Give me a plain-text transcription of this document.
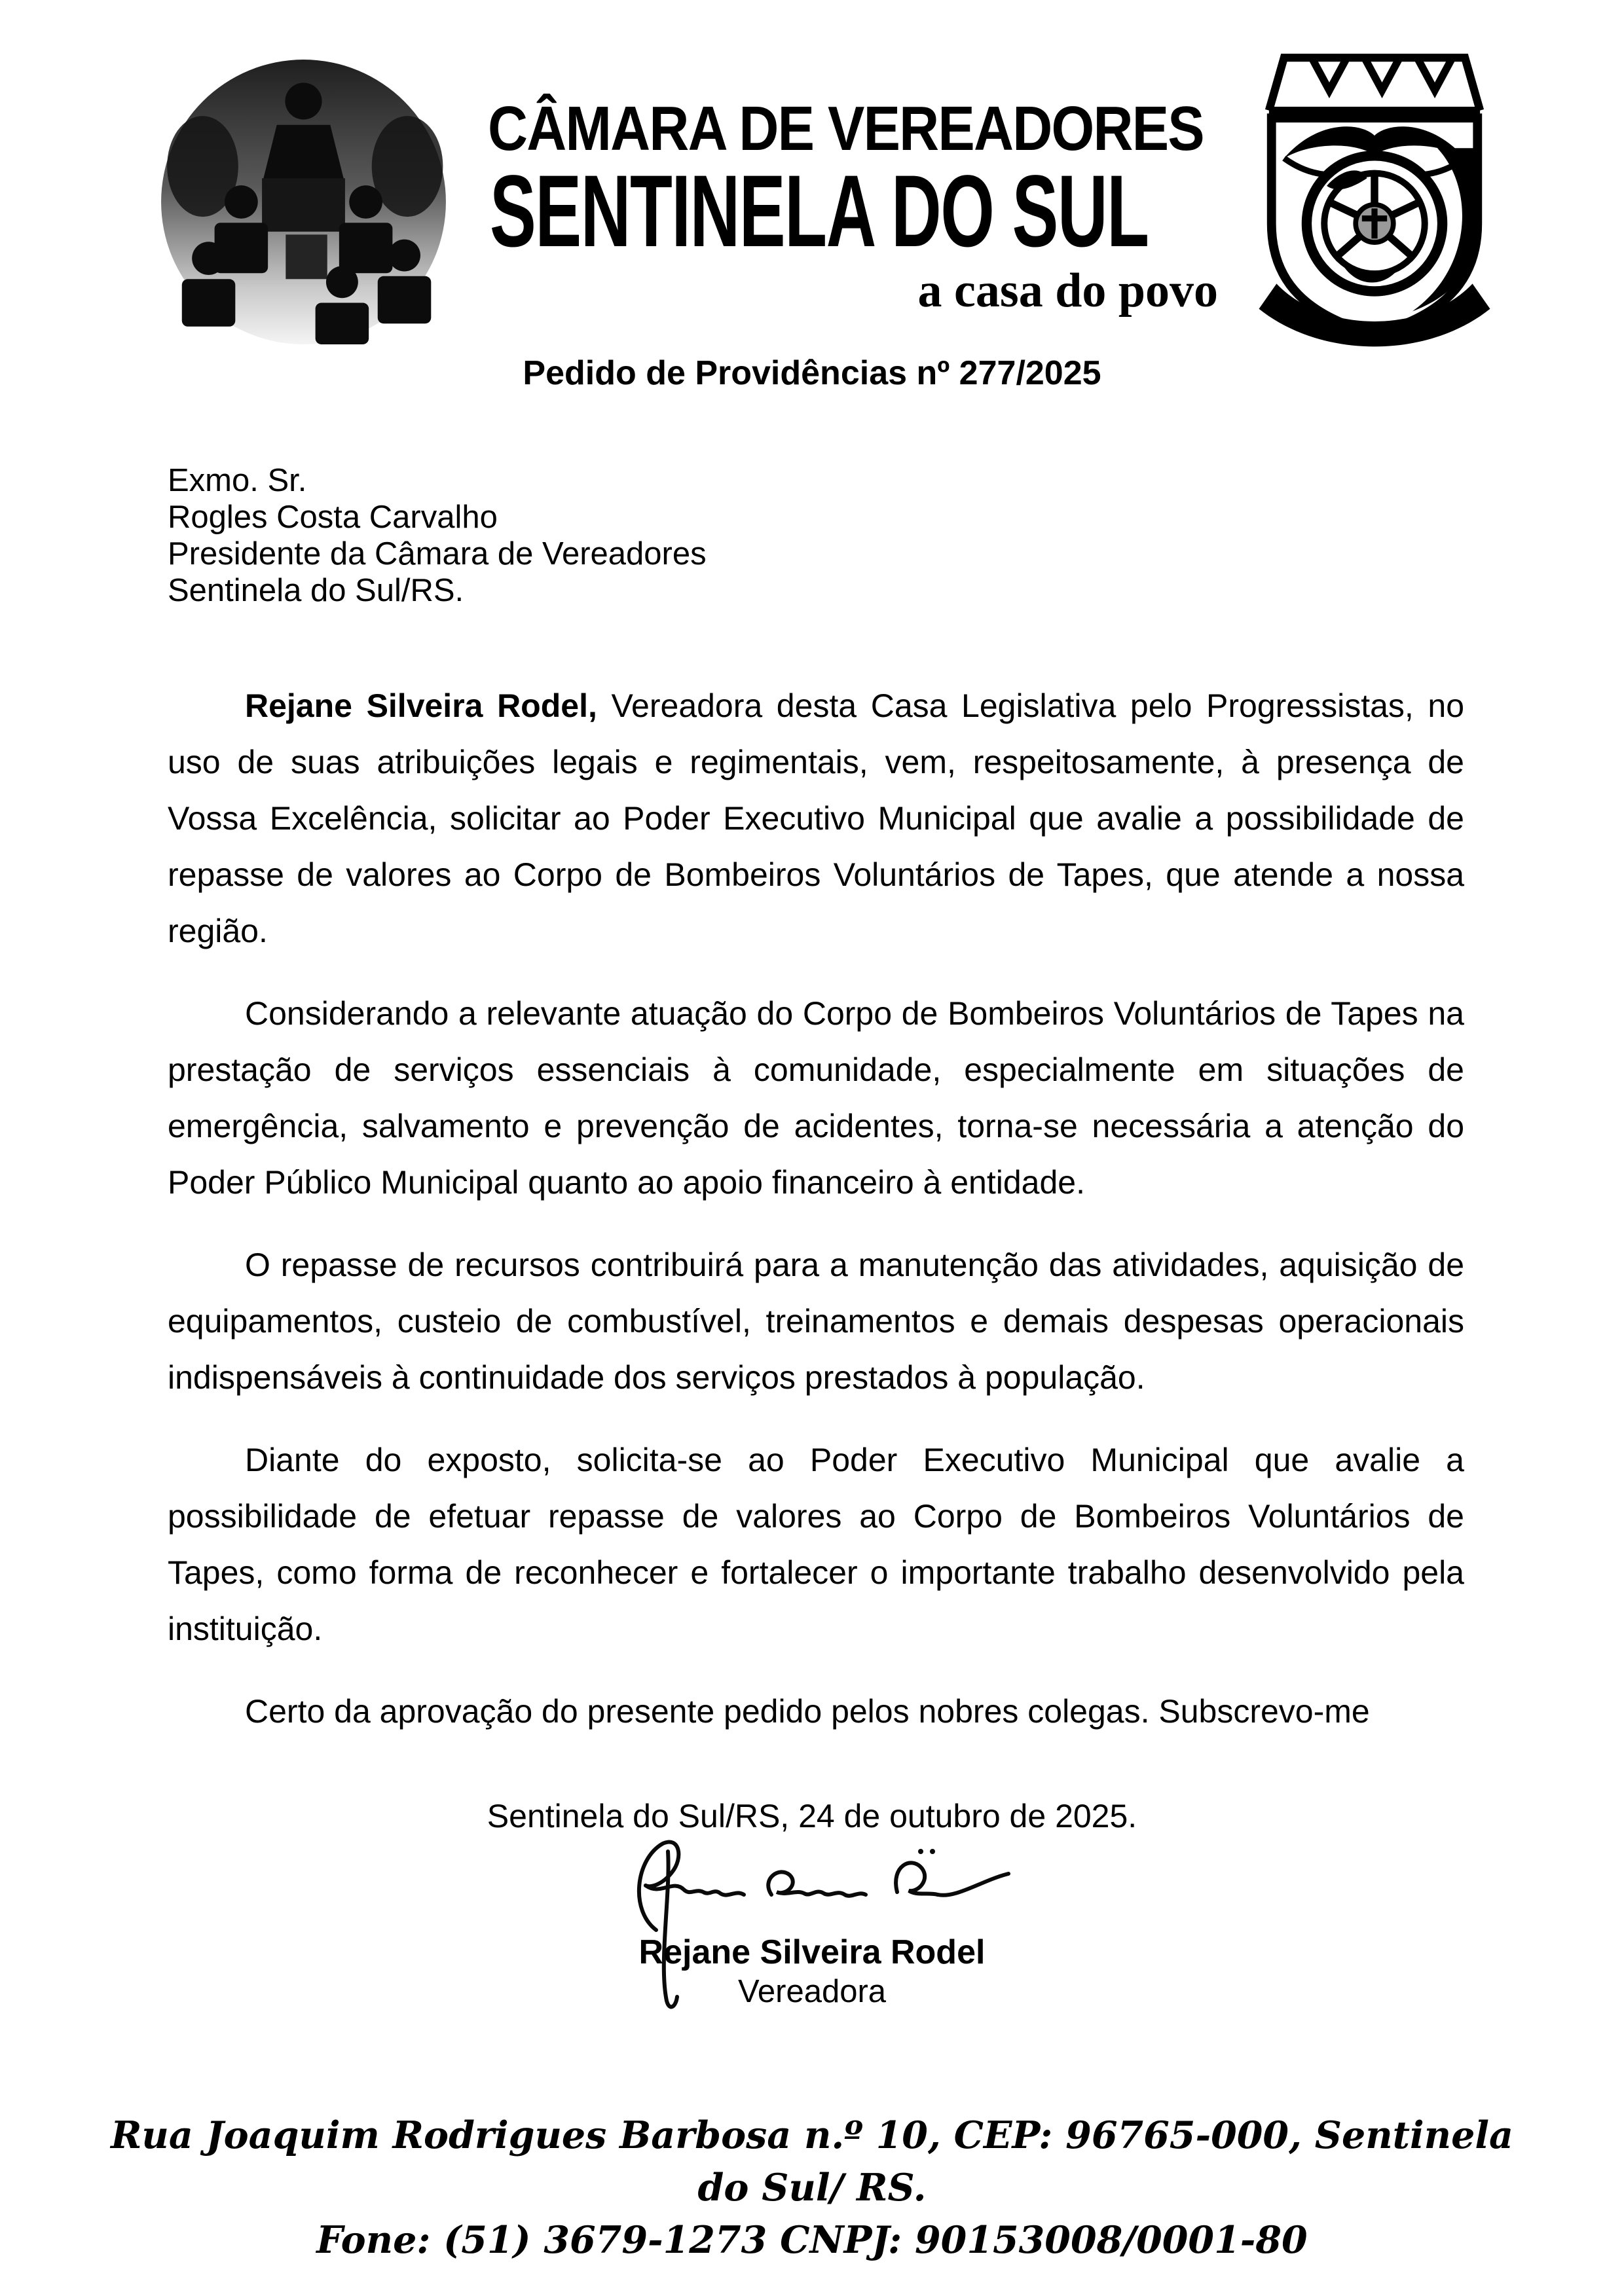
CÂMARA DE VEREADORES
SENTINELA DO SUL
a casa do povo
Pedido de Providências nº 277/2025
Exmo. Sr.
Rogles Costa Carvalho
Presidente da Câmara de Vereadores
Sentinela do Sul/RS.

Rejane Silveira Rodel, Vereadora desta Casa Legislativa pelo Progressistas, no uso de suas atribuições legais e regimentais, vem, respeitosamente, à presença de Vossa Excelência, solicitar ao Poder Executivo Municipal que avalie a possibilidade de repasse de valores ao Corpo de Bombeiros Voluntários de Tapes, que atende a nossa região.

Considerando a relevante atuação do Corpo de Bombeiros Voluntários de Tapes na prestação de serviços essenciais à comunidade, especialmente em situações de emergência, salvamento e prevenção de acidentes, torna-se necessária a atenção do Poder Público Municipal quanto ao apoio financeiro à entidade.

O repasse de recursos contribuirá para a manutenção das atividades, aquisição de equipamentos, custeio de combustível, treinamentos e demais despesas operacionais indispensáveis à continuidade dos serviços prestados à população.

Diante do exposto, solicita-se ao Poder Executivo Municipal que avalie a possibilidade de efetuar repasse de valores ao Corpo de Bombeiros Voluntários de Tapes, como forma de reconhecer e fortalecer o importante trabalho desenvolvido pela instituição.

Certo da aprovação do presente pedido pelos nobres colegas. Subscrevo-me

Sentinela do Sul/RS, 24 de outubro de 2025.
Rejane Silveira Rodel
Vereadora
Rua Joaquim Rodrigues Barbosa n.º 10, CEP: 96765-000, Sentinela do Sul/ RS.
Fone: (51) 3679-1273 CNPJ: 90153008/0001-80
